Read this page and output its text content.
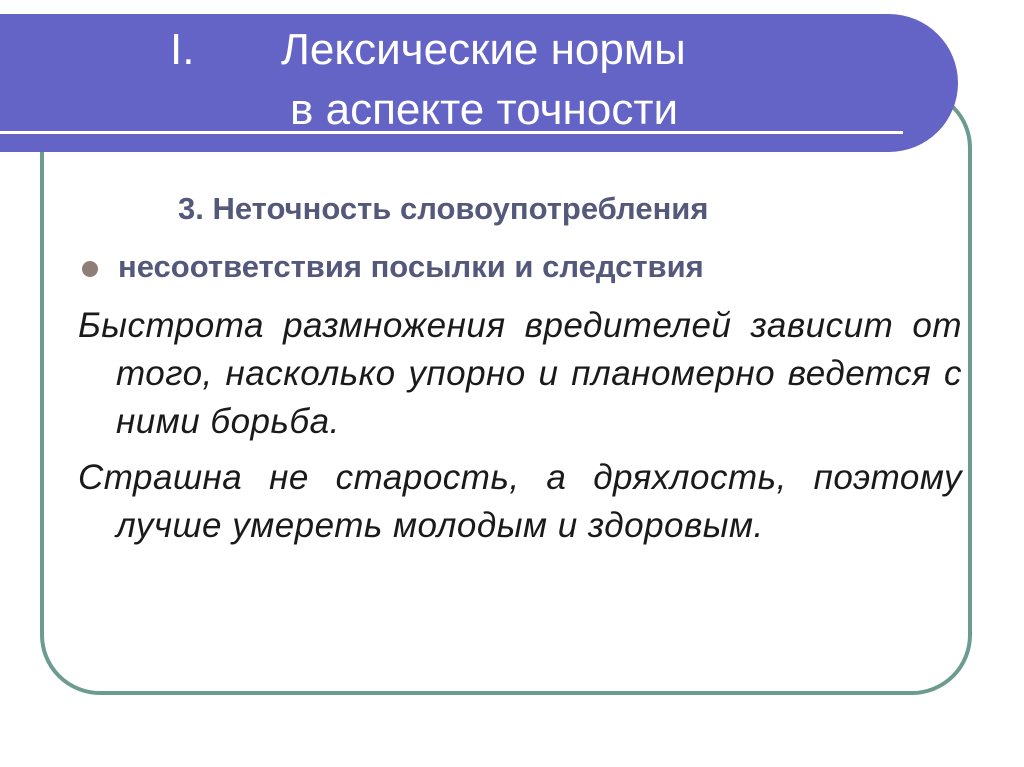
I. Лексические нормы
в аспекте точности
3. Неточность словоупотребления
несоответствия посылки и следствия
Быстрота размножения вредителей зависит от того, насколько упорно и планомерно ведется с ними борьба.
Страшна не старость, а дряхлость, поэтому лучше умереть молодым и здоровым.
